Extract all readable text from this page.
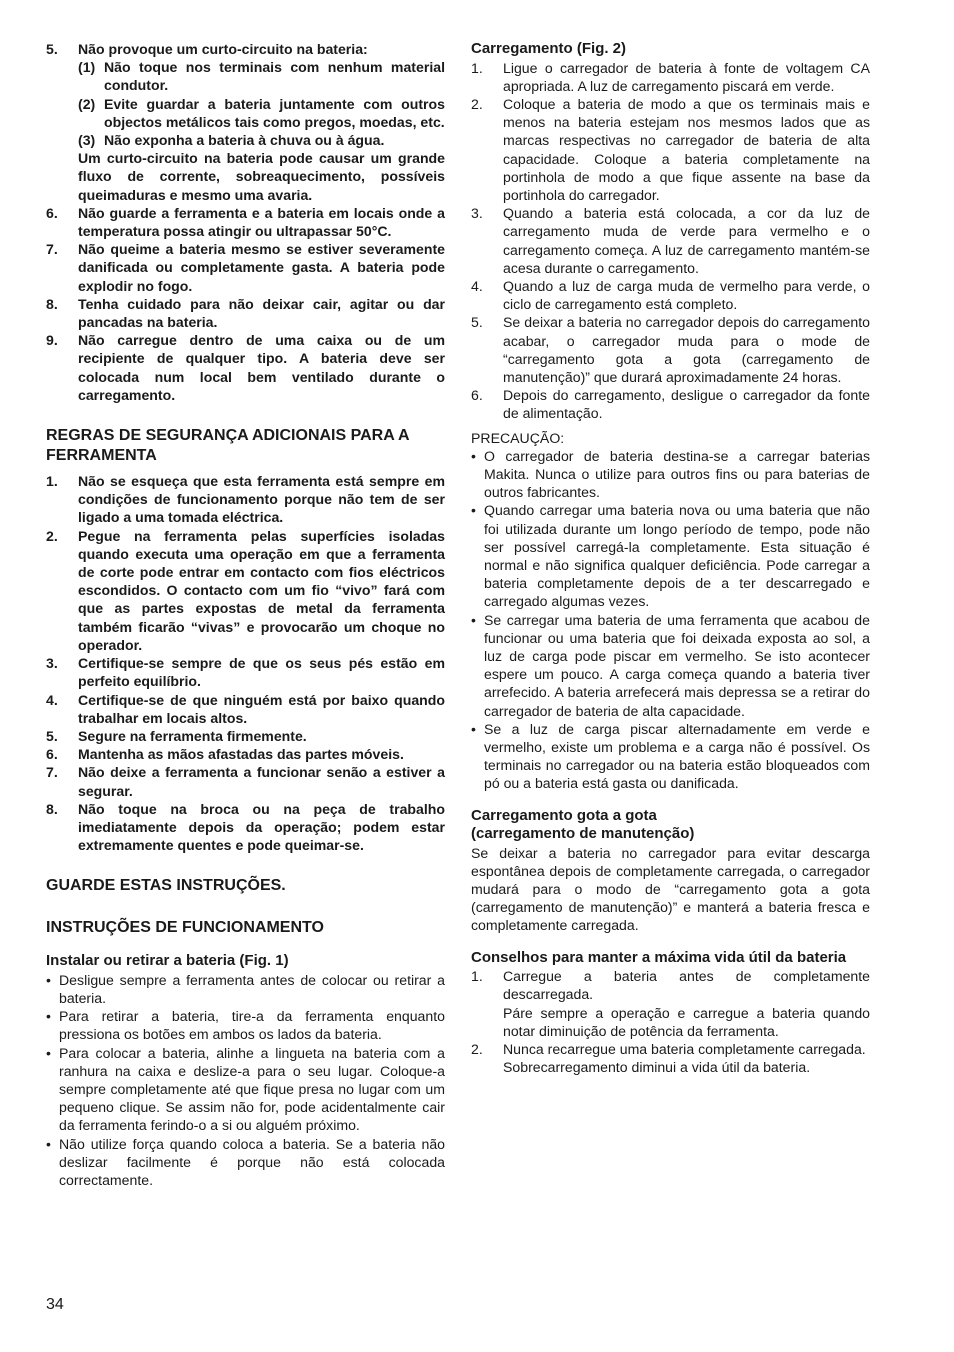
5. Não provoque um curto-circuito na bateria:
(1) Não toque nos terminais com nenhum material condutor.
(2) Evite guardar a bateria juntamente com outros objectos metálicos tais como pregos, moedas, etc.
(3) Não exponha a bateria à chuva ou à água.

Um curto-circuito na bateria pode causar um grande fluxo de corrente, sobreaquecimento, possíveis queimaduras e mesmo uma avaria.

6. Não guarde a ferramenta e a bateria em locais onde a temperatura possa atingir ou ultrapassar 50°C.
7. Não queime a bateria mesmo se estiver severamente danificada ou completamente gasta. A bateria pode explodir no fogo.
8. Tenha cuidado para não deixar cair, agitar ou dar pancadas na bateria.
9. Não carregue dentro de uma caixa ou de um recipiente de qualquer tipo. A bateria deve ser colocada num local bem ventilado durante o carregamento.
REGRAS DE SEGURANÇA ADICIONAIS PARA A FERRAMENTA
1. Não se esqueça que esta ferramenta está sempre em condições de funcionamento porque não tem de ser ligado a uma tomada eléctrica.
2. Pegue na ferramenta pelas superfícies isoladas quando executa uma operação em que a ferramenta de corte pode entrar em contacto com fios eléctricos escondidos. O contacto com um fio “vivo” fará com que as partes expostas de metal da ferramenta também ficarão “vivas” e provocarão um choque no operador.
3. Certifique-se sempre de que os seus pés estão em perfeito equilíbrio.
4. Certifique-se de que ninguém está por baixo quando trabalhar em locais altos.
5. Segure na ferramenta firmemente.
6. Mantenha as mãos afastadas das partes móveis.
7. Não deixe a ferramenta a funcionar senão a estiver a segurar.
8. Não toque na broca ou na peça de trabalho imediatamente depois da operação; podem estar extremamente quentes e pode queimar-se.
GUARDE ESTAS INSTRUÇÕES.
INSTRUÇÕES DE FUNCIONAMENTO
Instalar ou retirar a bateria (Fig. 1)
• Desligue sempre a ferramenta antes de colocar ou retirar a bateria.
• Para retirar a bateria, tire-a da ferramenta enquanto pressiona os botões em ambos os lados da bateria.
• Para colocar a bateria, alinhe a lingueta na bateria com a ranhura na caixa e deslize-a para o seu lugar. Coloque-a sempre completamente até que fique presa no lugar com um pequeno clique. Se assim não for, pode acidentalmente cair da ferramenta ferindo-o a si ou alguém próximo.
• Não utilize força quando coloca a bateria. Se a bateria não deslizar facilmente é porque não está colocada correctamente.
Carregamento (Fig. 2)
1. Ligue o carregador de bateria à fonte de voltagem CA apropriada. A luz de carregamento piscará em verde.
2. Coloque a bateria de modo a que os terminais mais e menos na bateria estejam nos mesmos lados que as marcas respectivas no carregador de bateria de alta capacidade. Coloque a bateria completamente na portinhola de modo a que fique assente na base da portinhola do carregador.
3. Quando a bateria está colocada, a cor da luz de carregamento muda de verde para vermelho e o carregamento começa. A luz de carregamento mantém-se acesa durante o carregamento.
4. Quando a luz de carga muda de vermelho para verde, o ciclo de carregamento está completo.
5. Se deixar a bateria no carregador depois do carregamento acabar, o carregador muda para o mode de “carregamento gota a gota (carregamento de manutenção)” que durará aproximadamente 24 horas.
6. Depois do carregamento, desligue o carregador da fonte de alimentação.

PRECAUÇÃO:

• O carregador de bateria destina-se a carregar baterias Makita. Nunca o utilize para outros fins ou para baterias de outros fabricantes.
• Quando carregar uma bateria nova ou uma bateria que não foi utilizada durante um longo período de tempo, pode não ser possível carregá-la completamente. Esta situação é normal e não significa qualquer deficiência. Pode carregar a bateria completamente depois de a ter descarregado e carregado algumas vezes.
• Se carregar uma bateria de uma ferramenta que acabou de funcionar ou uma bateria que foi deixada exposta ao sol, a luz de carga pode piscar em vermelho. Se isto acontecer espere um pouco. A carga começa quando a bateria tiver arrefecido. A bateria arrefecerá mais depressa se a retirar do carregador de bateria de alta capacidade.
• Se a luz de carga piscar alternadamente em verde e vermelho, existe um problema e a carga não é possível. Os terminais no carregador ou na bateria estão bloqueados com pó ou a bateria está gasta ou danificada.
Carregamento gota a gota
(carregamento de manutenção)

Se deixar a bateria no carregador para evitar descarga espontânea depois de completamente carregada, o carregador mudará para o modo de “carregamento gota a gota (carregamento de manutenção)” e manterá a bateria fresca e completamente carregada.

Conselhos para manter a máxima vida útil da bateria
1. Carregue a bateria antes de completamente descarregada.
Páre sempre a operação e carregue a bateria quando notar diminuição de potência da ferramenta.
2. Nunca recarregue uma bateria completamente carregada.
Sobrecarregamento diminui a vida útil da bateria.
34
